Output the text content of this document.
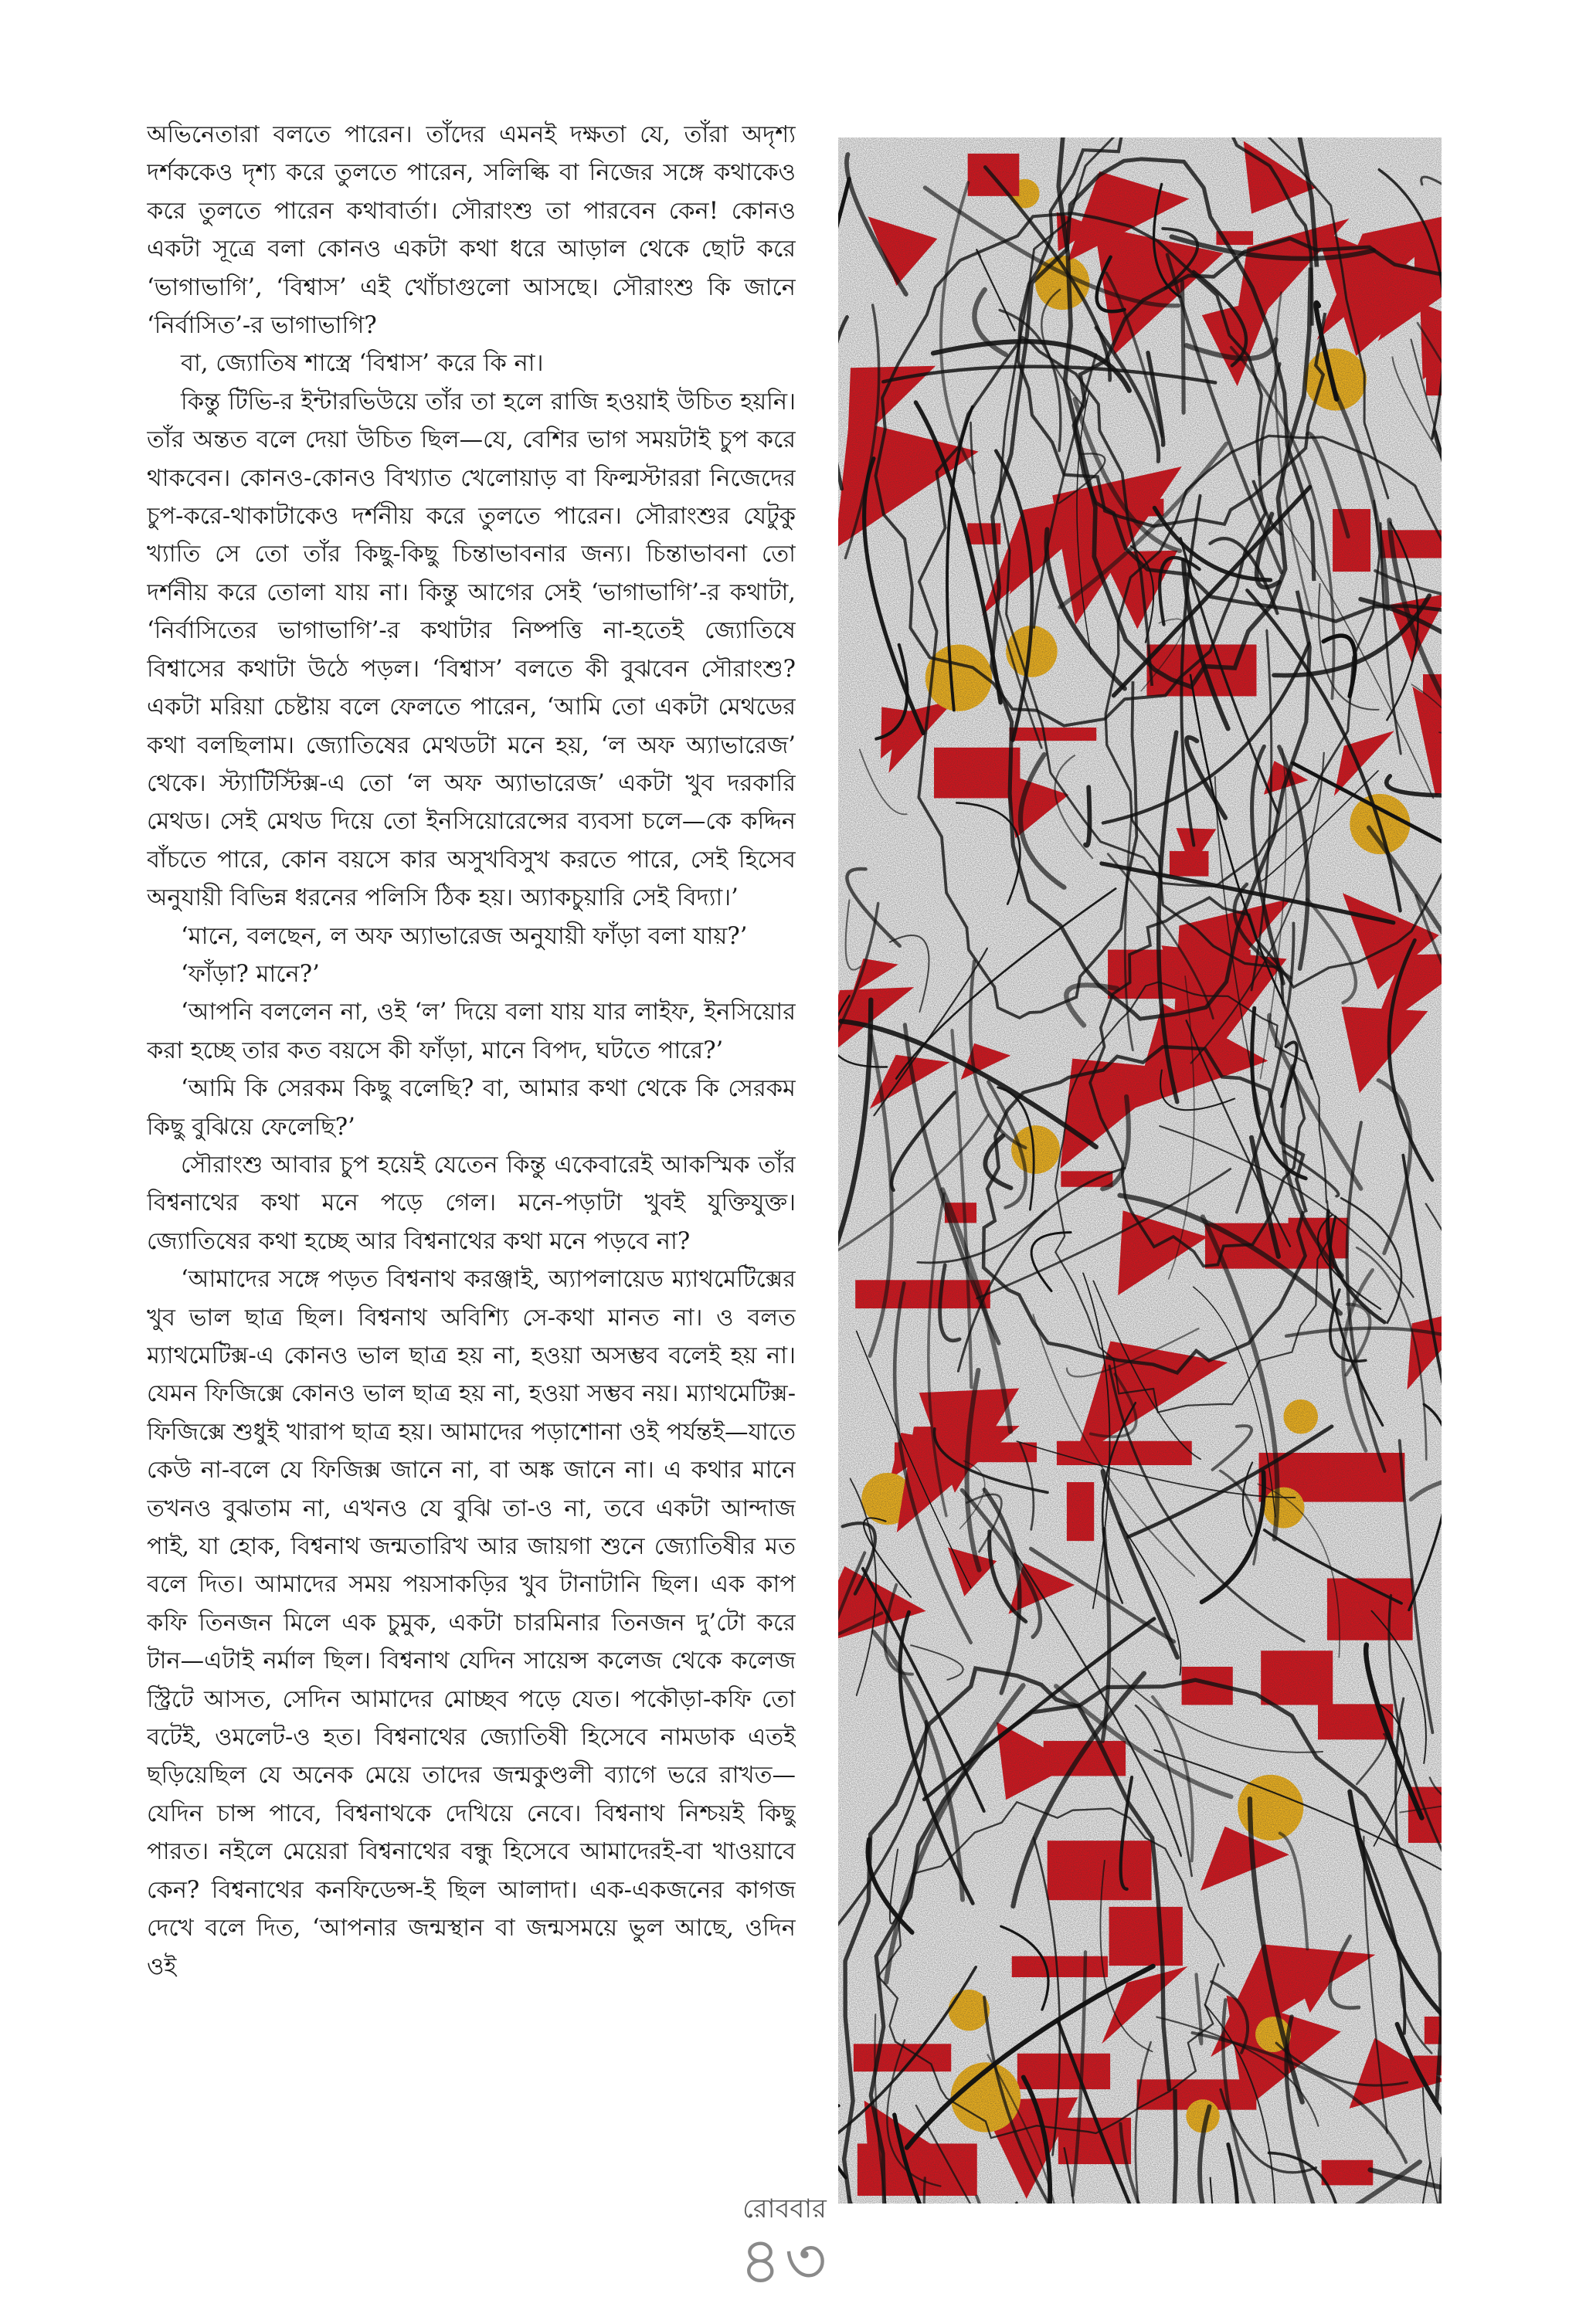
অভিনেতারা বলতে পারেন। তাঁদের এমনই দক্ষতা যে, তাঁরা অদৃশ্য দর্শককেও দৃশ্য করে তুলতে পারেন, সলিল্কি বা নিজের সঙ্গে কথাকেও করে তুলতে পারেন কথাবার্তা। সৌরাংশু তা পারবেন কেন! কোনও একটা সূত্রে বলা কোনও একটা কথা ধরে আড়াল থেকে ছোট করে ‘ভাগাভাগি’, ‘বিশ্বাস’ এই খোঁচাগুলো আসছে। সৌরাংশু কি জানে ‘নির্বাসিত’-র ভাগাভাগি?

বা, জ্যোতিষ শাস্ত্রে ‘বিশ্বাস’ করে কি না।

কিন্তু টিভি-র ইন্টারভিউয়ে তাঁর তা হলে রাজি হওয়াই উচিত হয়নি। তাঁর অন্তত বলে দেয়া উচিত ছিল—যে, বেশির ভাগ সময়টাই চুপ করে থাকবেন। কোনও-কোনও বিখ্যাত খেলোয়াড় বা ফিল্মস্টাররা নিজেদের চুপ-করে-থাকাটাকেও দর্শনীয় করে তুলতে পারেন। সৌরাংশুর যেটুকু খ্যাতি সে তো তাঁর কিছু-কিছু চিন্তাভাবনার জন্য। চিন্তাভাবনা তো দর্শনীয় করে তোলা যায় না। কিন্তু আগের সেই ‘ভাগাভাগি’-র কথাটা, ‘নির্বাসিতের ভাগাভাগি’-র কথাটার নিষ্পত্তি না-হতেই জ্যোতিষে বিশ্বাসের কথাটা উঠে পড়ল। ‘বিশ্বাস’ বলতে কী বুঝবেন সৌরাংশু? একটা মরিয়া চেষ্টায় বলে ফেলতে পারেন, ‘আমি তো একটা মেথডের কথা বলছিলাম। জ্যোতিষের মেথডটা মনে হয়, ‘ল অফ অ্যাভারেজ’ থেকে। স্ট্যাটিস্টিক্স-এ তো ‘ল অফ অ্যাভারেজ’ একটা খুব দরকারি মেথড। সেই মেথড দিয়ে তো ইনসিয়োরেন্সের ব্যবসা চলে—কে কদ্দিন বাঁচতে পারে, কোন বয়সে কার অসুখবিসুখ করতে পারে, সেই হিসেব অনুযায়ী বিভিন্ন ধরনের পলিসি ঠিক হয়। অ্যাকচুয়ারি সেই বিদ্যা।’

‘মানে, বলছেন, ল অফ অ্যাভারেজ অনুযায়ী ফাঁড়া বলা যায়?’

‘ফাঁড়া? মানে?’

‘আপনি বললেন না, ওই ‘ল’ দিয়ে বলা যায় যার লাইফ, ইনসিয়োর করা হচ্ছে তার কত বয়সে কী ফাঁড়া, মানে বিপদ, ঘটতে পারে?’

‘আমি কি সেরকম কিছু বলেছি? বা, আমার কথা থেকে কি সেরকম কিছু বুঝিয়ে ফেলেছি?’

সৌরাংশু আবার চুপ হয়েই যেতেন কিন্তু একেবারেই আকস্মিক তাঁর বিশ্বনাথের কথা মনে পড়ে গেল। মনে-পড়াটা খুবই যুক্তিযুক্ত। জ্যোতিষের কথা হচ্ছে আর বিশ্বনাথের কথা মনে পড়বে না?

‘আমাদের সঙ্গে পড়ত বিশ্বনাথ করঞ্জাই, অ্যাপলায়েড ম্যাথমেটিক্সের খুব ভাল ছাত্র ছিল। বিশ্বনাথ অবিশ্যি সে-কথা মানত না। ও বলত ম্যাথমেটিক্স-এ কোনও ভাল ছাত্র হয় না, হওয়া অসম্ভব বলেই হয় না। যেমন ফিজিক্সে কোনও ভাল ছাত্র হয় না, হওয়া সম্ভব নয়। ম্যাথমেটিক্স-ফিজিক্সে শুধুই খারাপ ছাত্র হয়। আমাদের পড়াশোনা ওই পর্যন্তই—যাতে কেউ না-বলে যে ফিজিক্স জানে না, বা অঙ্ক জানে না। এ কথার মানে তখনও বুঝতাম না, এখনও যে বুঝি তা-ও না, তবে একটা আন্দাজ পাই, যা হোক, বিশ্বনাথ জন্মতারিখ আর জায়গা শুনে জ্যোতিষীর মত বলে দিত। আমাদের সময় পয়সাকড়ির খুব টানাটানি ছিল। এক কাপ কফি তিনজন মিলে এক চুমুক, একটা চারমিনার তিনজন দু’টো করে টান—এটাই নর্মাল ছিল। বিশ্বনাথ যেদিন সায়েন্স কলেজ থেকে কলেজ স্ট্রিটে আসত, সেদিন আমাদের মোচ্ছব পড়ে যেত। পকৌড়া-কফি তো বটেই, ওমলেট-ও হত। বিশ্বনাথের জ্যোতিষী হিসেবে নামডাক এতই ছড়িয়েছিল যে অনেক মেয়ে তাদের জন্মকুণ্ডলী ব্যাগে ভরে রাখত—যেদিন চান্স পাবে, বিশ্বনাথকে দেখিয়ে নেবে। বিশ্বনাথ নিশ্চয়ই কিছু পারত। নইলে মেয়েরা বিশ্বনাথের বন্ধু হিসেবে আমাদেরই-বা খাওয়াবে কেন? বিশ্বনাথের কনফিডেন্স-ই ছিল আলাদা। এক-একজনের কাগজ দেখে বলে দিত, ‘আপনার জন্মস্থান বা জন্মসময়ে ভুল আছে, ওদিন ওই

রোববার
৪৩
